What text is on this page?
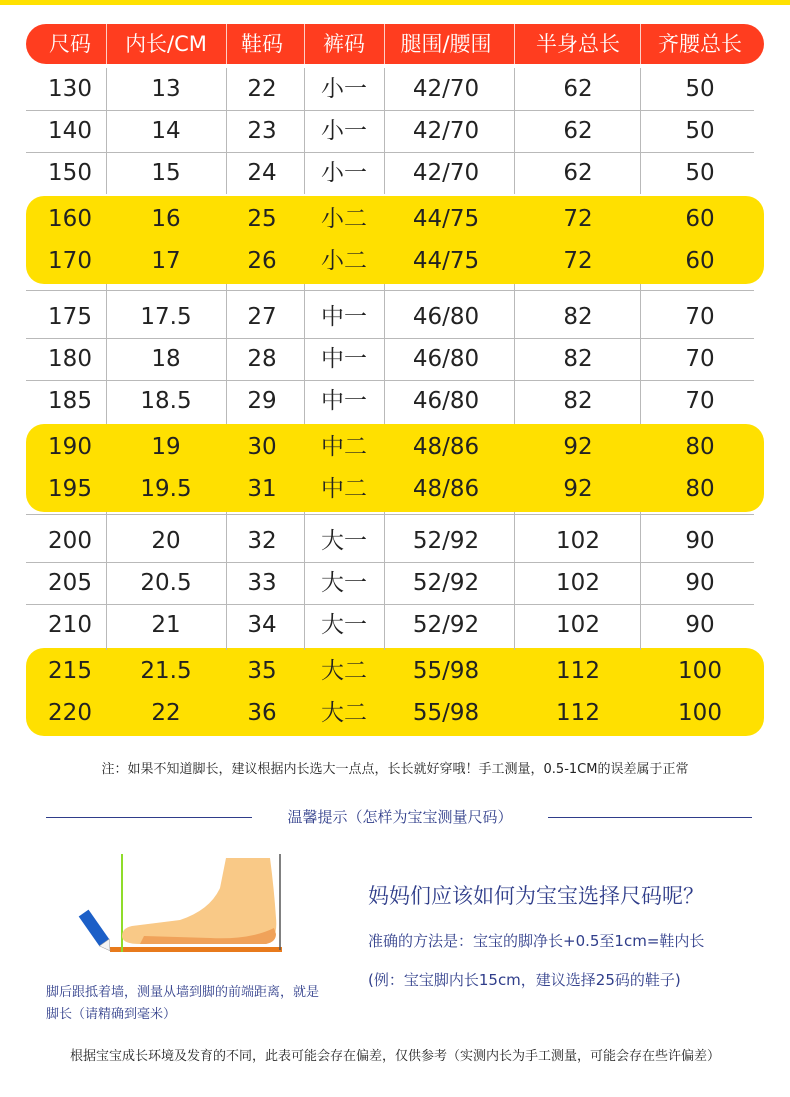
尺码	内长/CM	鞋码	裤码	腿围/腰围	半身总长	齐腰总长
130	13	22	小一	42/70	62	50
140	14	23	小一	42/70	62	50
150	15	24	小一	42/70	62	50
160	16	25	小二	44/75	72	60
170	17	26	小二	44/75	72	60
175	17.5	27	中一	46/80	82	70
180	18	28	中一	46/80	82	70
185	18.5	29	中一	46/80	82	70
190	19	30	中二	48/86	92	80
195	19.5	31	中二	48/86	92	80
200	20	32	大一	52/92	102	90
205	20.5	33	大一	52/92	102	90
210	21	34	大一	52/92	102	90
215	21.5	35	大二	55/98	112	100
220	22	36	大二	55/98	112	100
注：如果不知道脚长，建议根据内长选大一点点，长长就好穿哦！手工测量，0.5-1CM的误差属于正常
温馨提示（怎样为宝宝测量尺码）
脚后跟抵着墙，测量从墙到脚的前端距离，就是
脚长（请精确到毫米）
妈妈们应该如何为宝宝选择尺码呢？
准确的方法是：宝宝的脚净长+0.5至1cm=鞋内长
(例：宝宝脚内长15cm，建议选择25码的鞋子)
根据宝宝成长环境及发育的不同，此表可能会存在偏差，仅供参考（实测内长为手工测量，可能会存在些许偏差）
